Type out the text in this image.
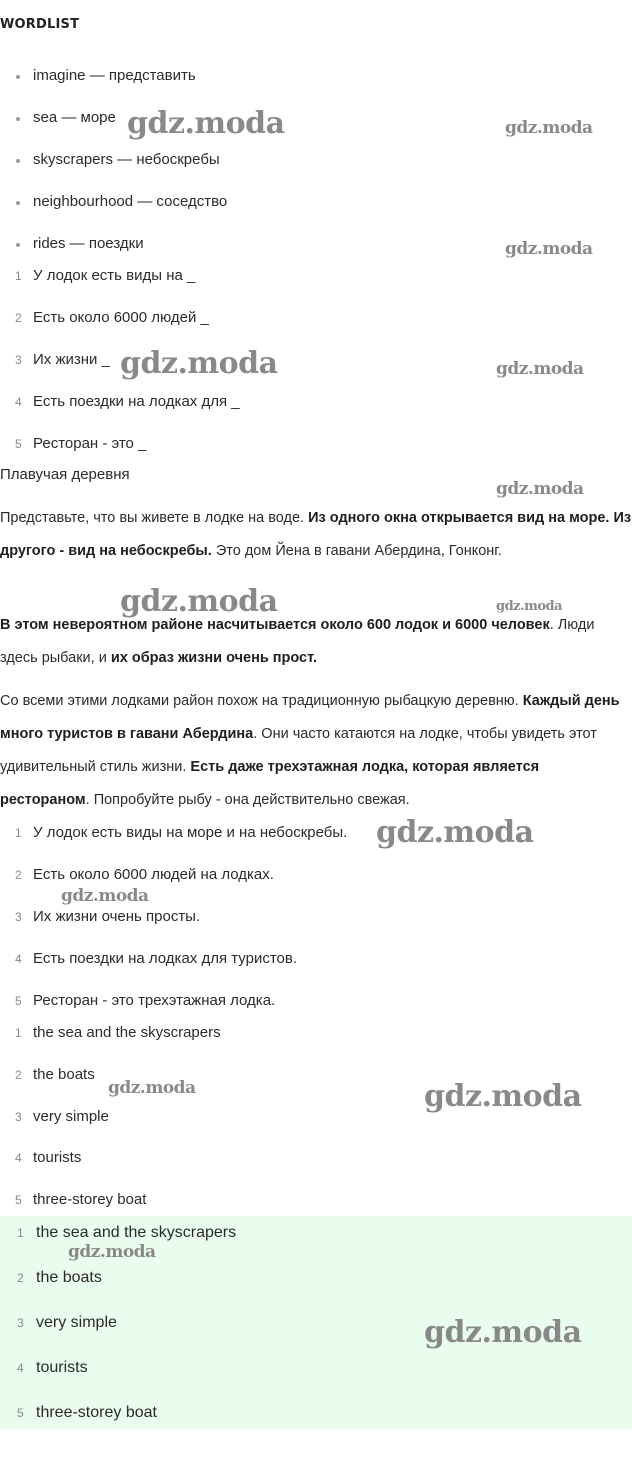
WORDLIST
imagine — представить
sea — море
skyscrapers — небоскребы
neighbourhood — соседство
rides — поездки
1 У лодок есть виды на _
2 Есть около 6000 людей _
3 Их жизни _
4 Есть поездки на лодках для _
5 Ресторан - это _
Плавучая деревня

Представьте, что вы живете в лодке на воде. Из одного окна открывается вид на море. Из другого - вид на небоскребы. Это дом Йена в гавани Абердина, Гонконг.

В этом невероятном районе насчитывается около 600 лодок и 6000 человек. Люди здесь рыбаки, и их образ жизни очень прост.

Со всеми этими лодками район похож на традиционную рыбацкую деревню. Каждый день много туристов в гавани Абердина. Они часто катаются на лодке, чтобы увидеть этот удивительный стиль жизни. Есть даже трехэтажная лодка, которая является рестораном. Попробуйте рыбу - она действительно свежая.

1 У лодок есть виды на море и на небоскребы.
2 Есть около 6000 людей на лодках.
3 Их жизни очень просты.
4 Есть поездки на лодках для туристов.
5 Ресторан - это трехэтажная лодка.
1 the sea and the skyscrapers
2 the boats
3 very simple
4 tourists
5 three-storey boat
1 the sea and the skyscrapers
2 the boats
3 very simple
4 tourists
5 three-storey boat
gdz.moda	gdz.moda
gdz.moda
gdz.moda	gdz.moda
gdz.moda
gdz.moda	gdz.moda
gdz.moda
gdz.moda
gdz.moda	gdz.moda
gdz.moda
gdz.moda
